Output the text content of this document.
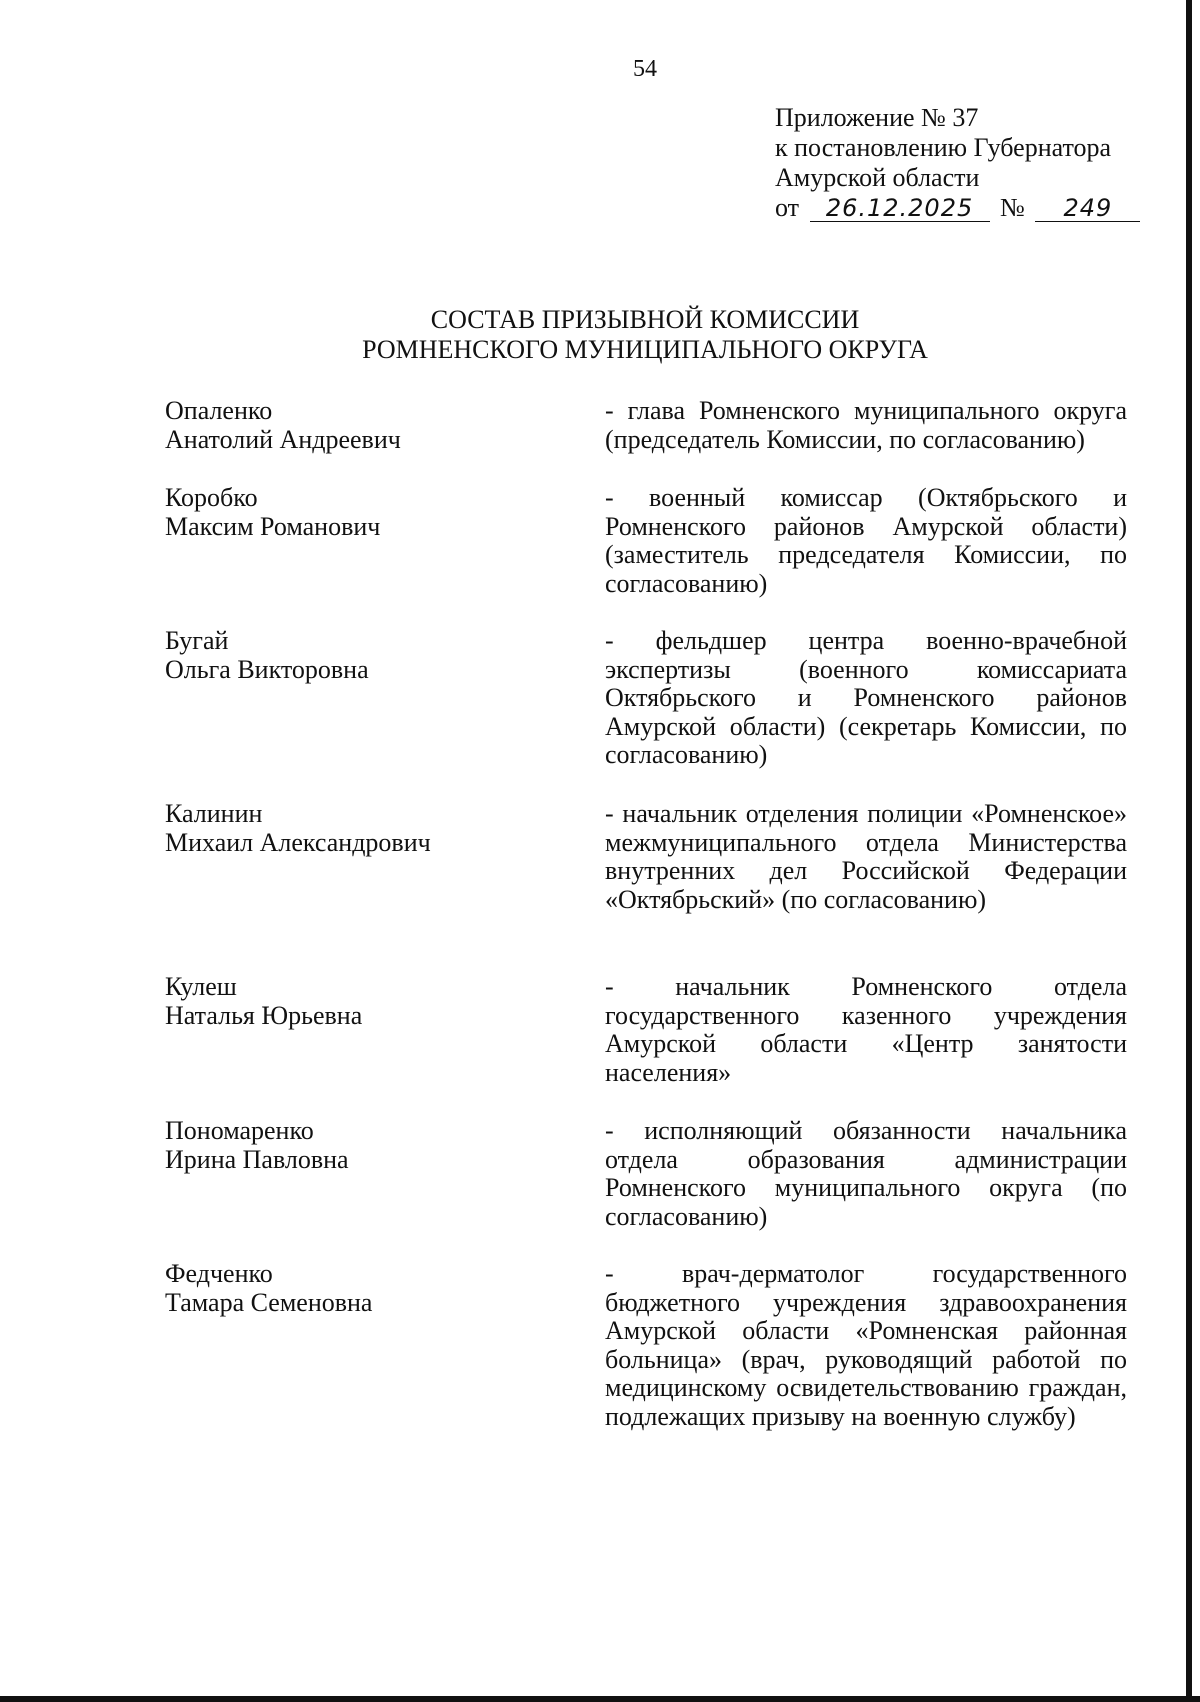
54
Приложение № 37
к постановлению Губернатора
Амурской области
от 26.12.2025 № 249
СОСТАВ ПРИЗЫВНОЙ КОМИССИИ
РОМНЕНСКОГО МУНИЦИПАЛЬНОГО ОКРУГА
Опаленко
Анатолий Андреевич
- глава Ромненского муниципального округа (председатель Комиссии, по согласованию)
Коробко
Максим Романович
- военный комиссар (Октябрьского и Ромненского районов Амурской области) (заместитель председателя Комиссии, по согласованию)
Бугай
Ольга Викторовна
- фельдшер центра военно-врачебной экспертизы (военного комиссариата Октябрьского и Ромненского районов Амурской области) (секретарь Комиссии, по согласованию)
Калинин
Михаил Александрович
- начальник отделения полиции «Ромненское» межмуниципального отдела Министерства внутренних дел Российской Федерации «Октябрьский» (по согласованию)
Кулеш
Наталья Юрьевна
- начальник Ромненского отдела государственного казенного учреждения Амурской области «Центр занятости населения»
Пономаренко
Ирина Павловна
- исполняющий обязанности начальника отдела образования администрации Ромненского муниципального округа (по согласованию)
Федченко
Тамара Семеновна
- врач-дерматолог государственного бюджетного учреждения здравоохранения Амурской области «Ромненская районная больница» (врач, руководящий работой по медицинскому освидетельствованию граждан, подлежащих призыву на военную службу)
